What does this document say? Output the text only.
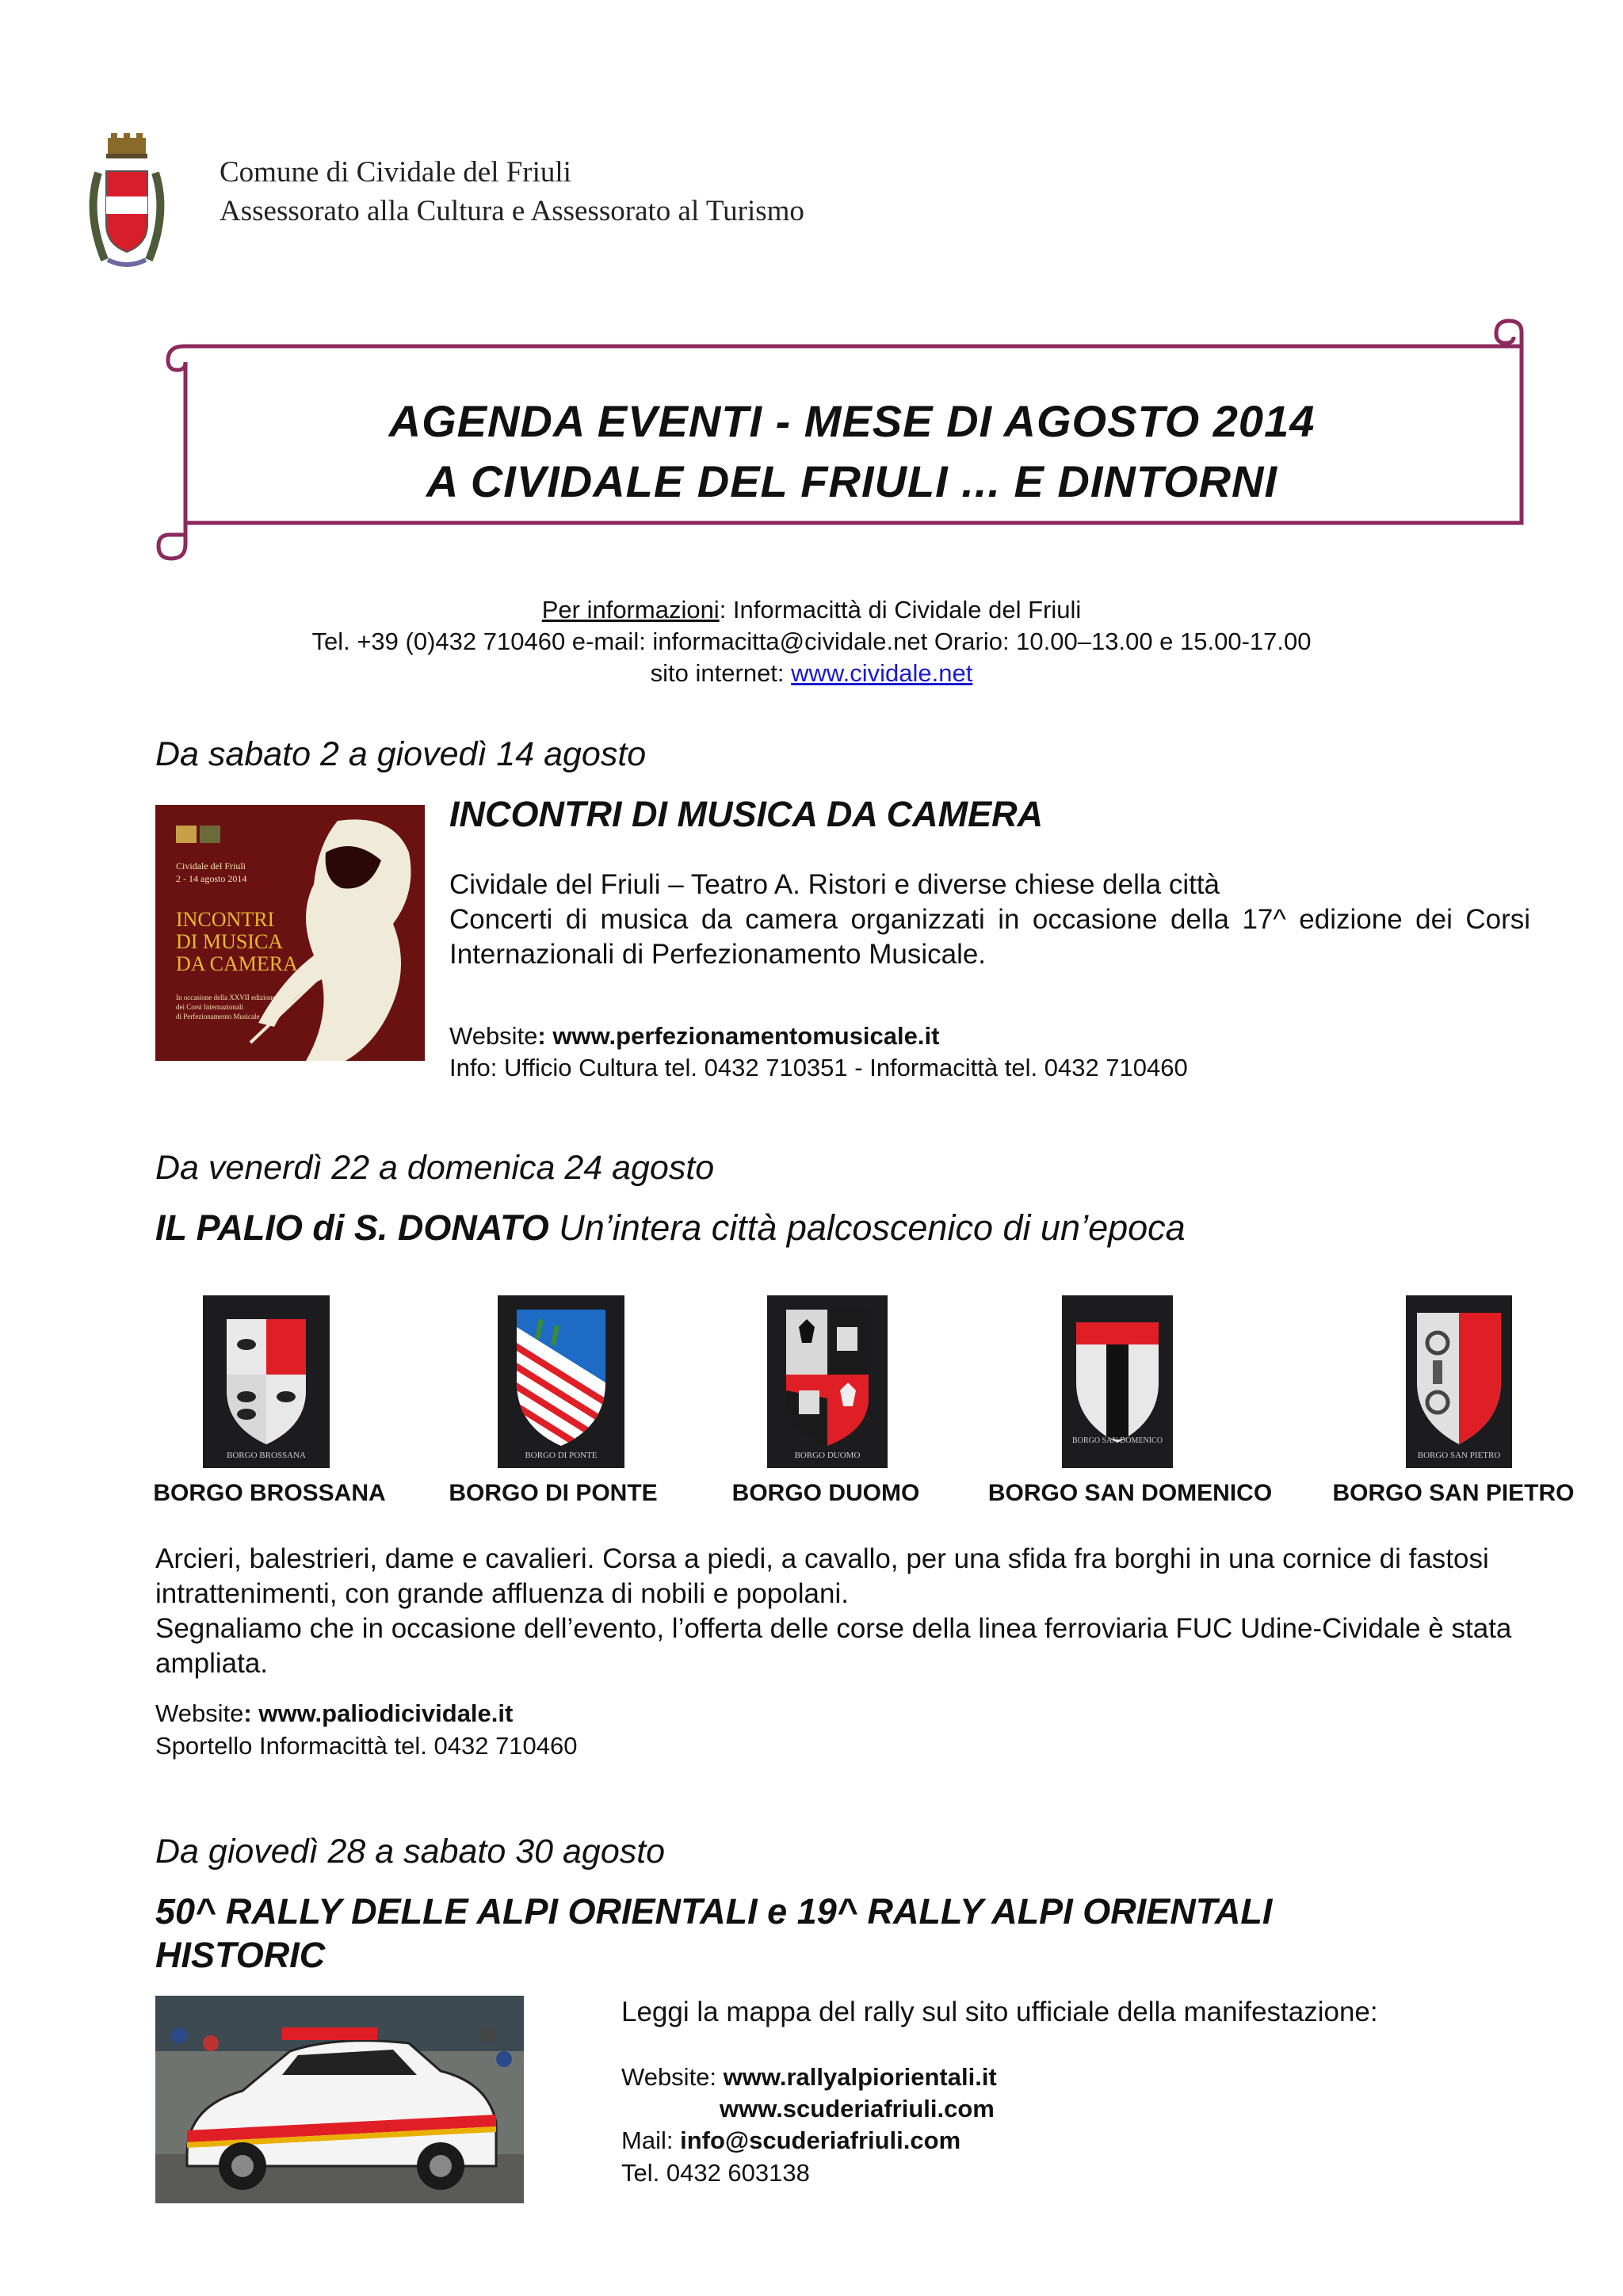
Comune di Cividale del Friuli
Assessorato alla Cultura e Assessorato al Turismo
AGENDA EVENTI - MESE DI AGOSTO 2014
A CIVIDALE DEL FRIULI ... E DINTORNI
Per informazioni: Informacittà di Cividale del Friuli
Tel. +39 (0)432 710460 e-mail: informacitta@cividale.net Orario: 10.00–13.00 e 15.00-17.00
sito internet: www.cividale.net
Da sabato 2 a giovedì 14 agosto
Cividale del Friuli
2 - 14 agosto 2014
INCONTRI
DI MUSICA
DA CAMERA
In occasione della XXVII edizione
dei Corsi Internazionali
di Perfezionamento Musicale
INCONTRI DI MUSICA DA CAMERA
Cividale del Friuli – Teatro A. Ristori e diverse chiese della città
Concerti di musica da camera organizzati in occasione della 17^ edizione dei Corsi Internazionali di Perfezionamento Musicale.
Website: www.perfezionamentomusicale.it
Info: Ufficio Cultura tel. 0432 710351 - Informacittà tel. 0432 710460
Da venerdì 22 a domenica 24 agosto
IL PALIO di S. DONATO Un’intera città palcoscenico di un’epoca
BORGO BROSSANA	BORGO DI PONTE	BORGO DUOMO
BORGO SAN DOMENICO
BORGO SAN PIETRO
BORGO BROSSANA	BORGO DI PONTE	BORGO DUOMO	BORGO SAN DOMENICO	BORGO SAN PIETRO
Arcieri, balestrieri, dame e cavalieri. Corsa a piedi, a cavallo, per una sfida fra borghi in una cornice di fastosi intrattenimenti, con grande affluenza di nobili e popolani.
Segnaliamo che in occasione dell’evento, l’offerta delle corse della linea ferroviaria FUC Udine-Cividale è stata ampliata.
Website: www.paliodicividale.it
Sportello Informacittà tel. 0432 710460
Da giovedì 28 a sabato 30 agosto
50^ RALLY DELLE ALPI ORIENTALI e 19^ RALLY ALPI ORIENTALI
HISTORIC
Leggi la mappa del rally sul sito ufficiale della manifestazione:
Website: www.rallyalpiorientali.it
www.scuderiafriuli.com
Mail: info@scuderiafriuli.com
Tel. 0432 603138
